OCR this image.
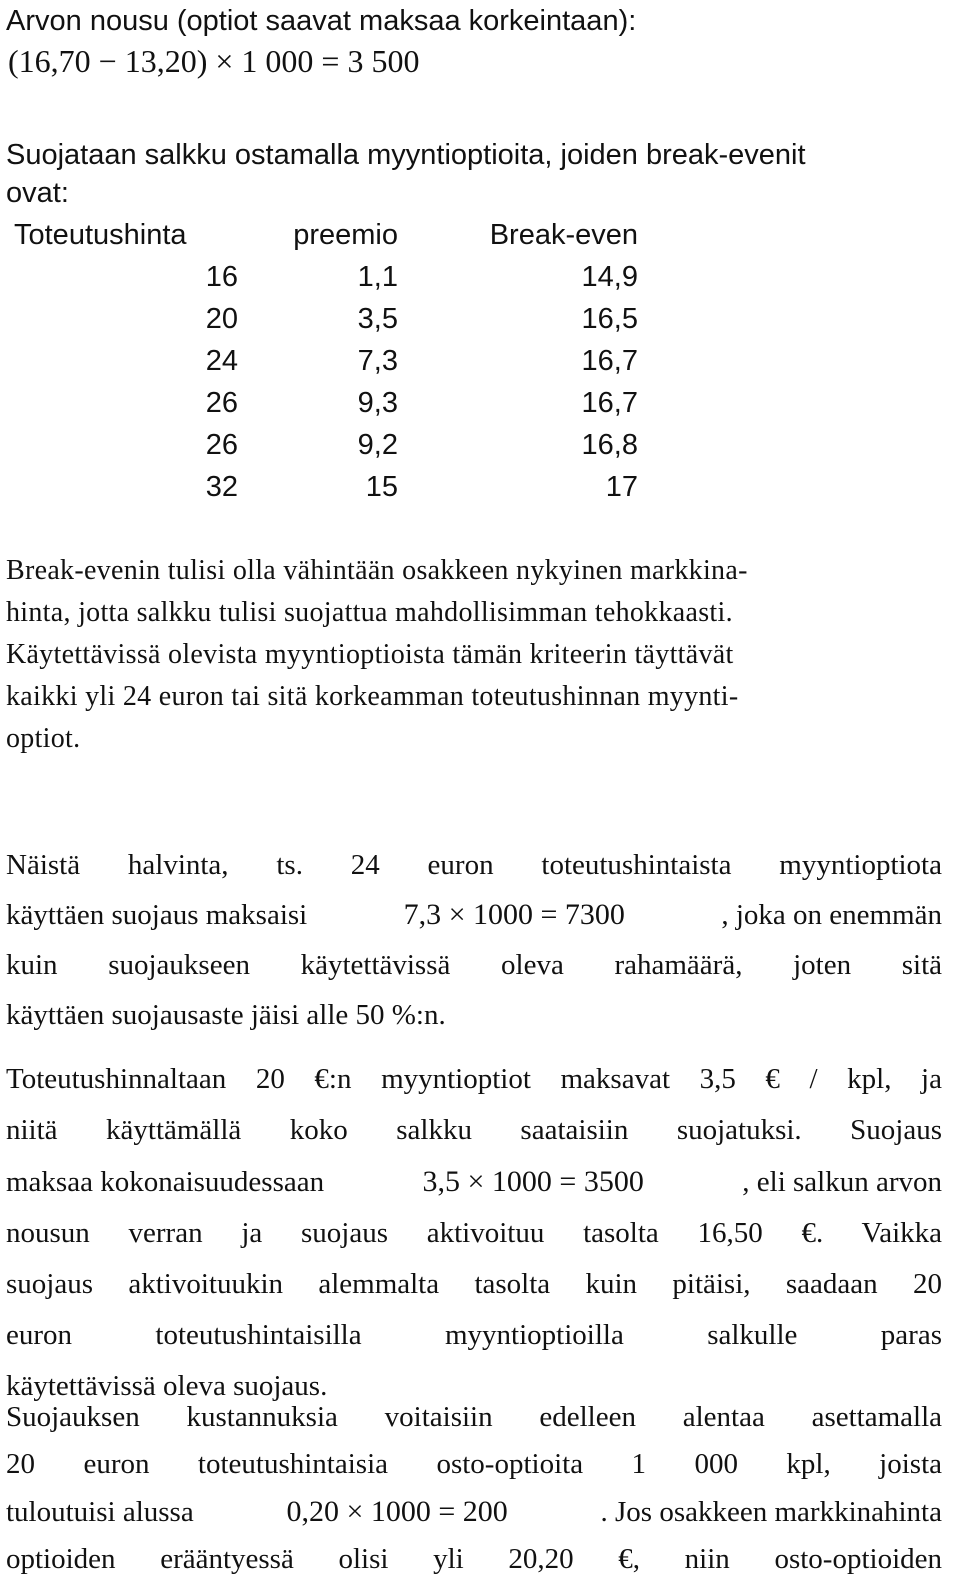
Arvon nousu (optiot saavat maksaa korkeintaan):
(16,70 − 13,20) × 1 000 = 3 500
Suojataan salkku ostamalla myyntioptioita, joiden break-evenit
ovat:
Toteutushinta	preemio	Break-even
16	1,1	14,9
20	3,5	16,5
24	7,3	16,7
26	9,3	16,7
26	9,2	16,8
32	15	17
Break-evenin tulisi olla vähintään osakkeen nykyinen markkina-
hinta, jotta salkku tulisi suojattua mahdollisimman tehokkaasti.
Käytettävissä olevista myyntioptioista tämän kriteerin täyttävät
kaikki yli 24 euron tai sitä korkeamman toteutushinnan myynti-
optiot.
Näistä halvinta, ts. 24 euron toteutushintaista myyntioptiota
käyttäen suojaus maksaisi	7,3 × 1000 = 7300	, joka on enemmän
kuin suojaukseen käytettävissä oleva rahamäärä, joten sitä
käyttäen suojausaste jäisi alle 50 %:n.
Toteutushinnaltaan 20 €:n myyntioptiot maksavat 3,5 € / kpl, ja
niitä käyttämällä koko salkku saataisiin suojatuksi. Suojaus
maksaa kokonaisuudessaan	3,5 × 1000 = 3500	, eli salkun arvon
nousun verran ja suojaus aktivoituu tasolta 16,50 €. Vaikka
suojaus aktivoituukin alemmalta tasolta kuin pitäisi, saadaan 20
euron toteutushintaisilla myyntioptioilla salkulle paras
käytettävissä oleva suojaus.
Suojauksen kustannuksia voitaisiin edelleen alentaa asettamalla
20 euron toteutushintaisia osto-optioita 1 000 kpl, joista
tuloutuisi alussa	0,20 × 1000 = 200	. Jos osakkeen markkinahinta
optioiden erääntyessä olisi yli 20,20 €, niin osto-optioiden
